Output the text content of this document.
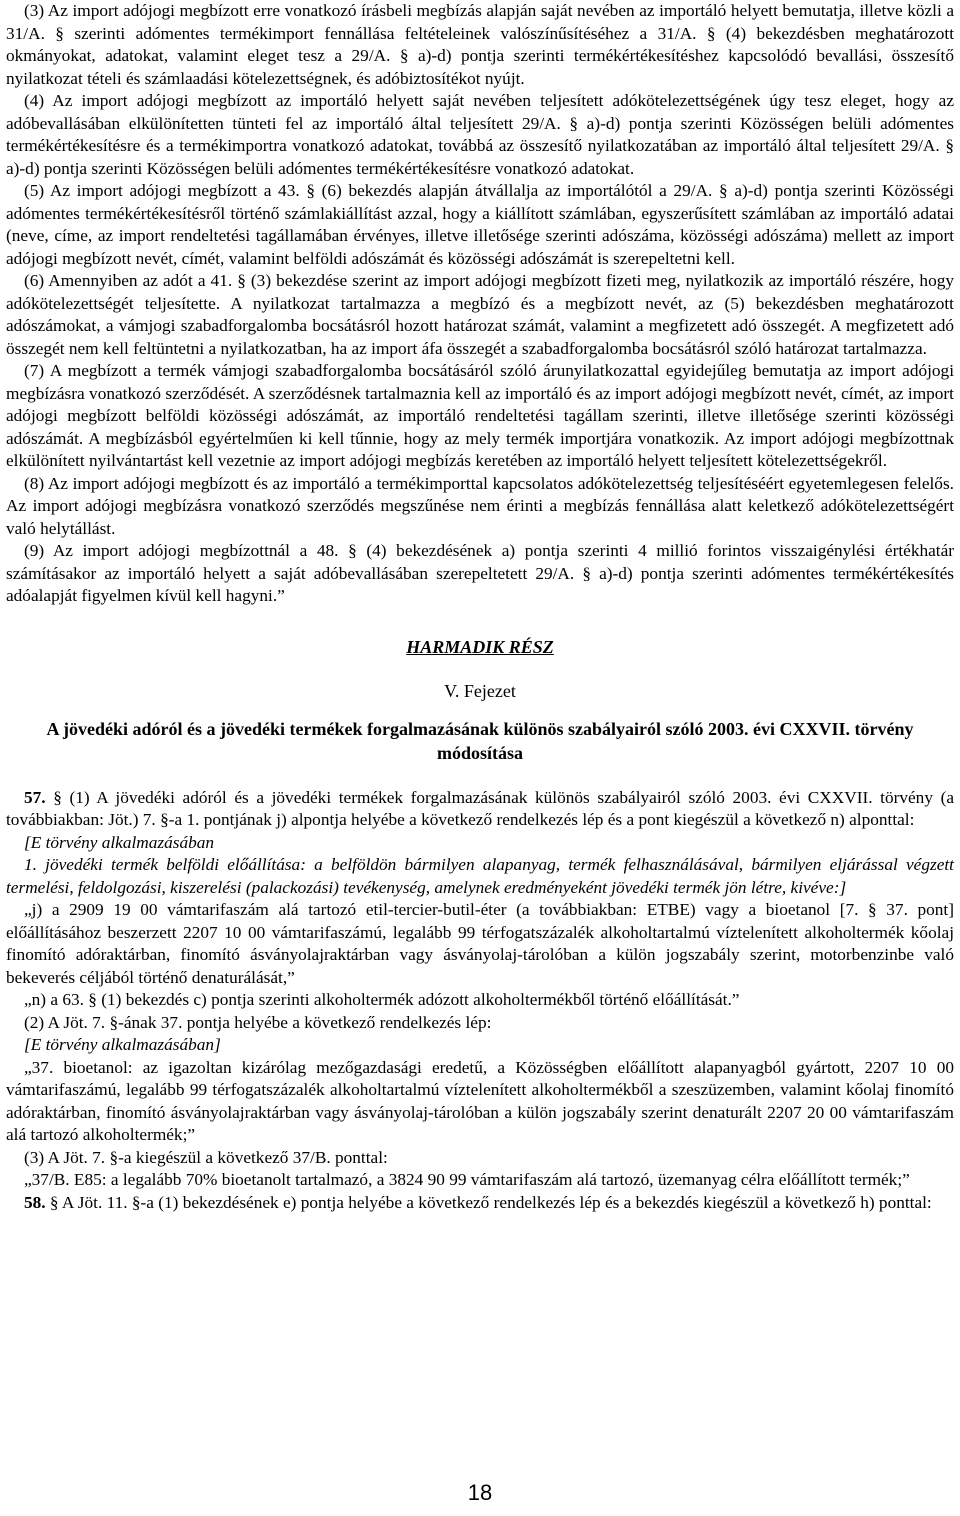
(3) Az import adójogi megbízott erre vonatkozó írásbeli megbízás alapján saját nevében az importáló helyett bemutatja, illetve közli a 31/A. § szerinti adómentes termékimport fennállása feltételeinek valószínűsítéséhez a 31/A. § (4) bekezdésben meghatározott okmányokat, adatokat, valamint eleget tesz a 29/A. § a)-d) pontja szerinti termékértékesítéshez kapcsolódó bevallási, összesítő nyilatkozat tételi és számlaadási kötelezettségnek, és adóbiztosítékot nyújt.

(4) Az import adójogi megbízott az importáló helyett saját nevében teljesített adókötelezettségének úgy tesz eleget, hogy az adóbevallásában elkülönítetten tünteti fel az importáló által teljesített 29/A. § a)-d) pontja szerinti Közösségen belüli adómentes termékértékesítésre és a termékimportra vonatkozó adatokat, továbbá az összesítő nyilatkozatában az importáló által teljesített 29/A. § a)-d) pontja szerinti Közösségen belüli adómentes termékértékesítésre vonatkozó adatokat.

(5) Az import adójogi megbízott a 43. § (6) bekezdés alapján átvállalja az importálótól a 29/A. § a)-d) pontja szerinti Közösségi adómentes termékértékesítésről történő számlakiállítást azzal, hogy a kiállított számlában, egyszerűsített számlában az importáló adatai (neve, címe, az import rendeltetési tagállamában érvényes, illetve illetősége szerinti adószáma, közösségi adószáma) mellett az import adójogi megbízott nevét, címét, valamint belföldi adószámát és közösségi adószámát is szerepeltetni kell.

(6) Amennyiben az adót a 41. § (3) bekezdése szerint az import adójogi megbízott fizeti meg, nyilatkozik az importáló részére, hogy adókötelezettségét teljesítette. A nyilatkozat tartalmazza a megbízó és a megbízott nevét, az (5) bekezdésben meghatározott adószámokat, a vámjogi szabadforgalomba bocsátásról hozott határozat számát, valamint a megfizetett adó összegét. A megfizetett adó összegét nem kell feltüntetni a nyilatkozatban, ha az import áfa összegét a szabadforgalomba bocsátásról szóló határozat tartalmazza.

(7) A megbízott a termék vámjogi szabadforgalomba bocsátásáról szóló árunyilatkozattal egyidejűleg bemutatja az import adójogi megbízásra vonatkozó szerződését. A szerződésnek tartalmaznia kell az importáló és az import adójogi megbízott nevét, címét, az import adójogi megbízott belföldi közösségi adószámát, az importáló rendeltetési tagállam szerinti, illetve illetősége szerinti közösségi adószámát. A megbízásból egyértelműen ki kell tűnnie, hogy az mely termék importjára vonatkozik. Az import adójogi megbízottnak elkülönített nyilvántartást kell vezetnie az import adójogi megbízás keretében az importáló helyett teljesített kötelezettségekről.

(8) Az import adójogi megbízott és az importáló a termékimporttal kapcsolatos adókötelezettség teljesítéséért egyetemlegesen felelős. Az import adójogi megbízásra vonatkozó szerződés megszűnése nem érinti a megbízás fennállása alatt keletkező adókötelezettségért való helytállást.

(9) Az import adójogi megbízottnál a 48. § (4) bekezdésének a) pontja szerinti 4 millió forintos visszaigénylési értékhatár számításakor az importáló helyett a saját adóbevallásában szerepeltetett 29/A. § a)-d) pontja szerinti adómentes termékértékesítés adóalapját figyelmen kívül kell hagyni.”

HARMADIK RÉSZ
V. Fejezet
A jövedéki adóról és a jövedéki termékek forgalmazásának különös szabályairól szóló 2003. évi CXXVII. törvény módosítása

57. § (1) A jövedéki adóról és a jövedéki termékek forgalmazásának különös szabályairól szóló 2003. évi CXXVII. törvény (a továbbiakban: Jöt.) 7. §-a 1. pontjának j) alpontja helyébe a következő rendelkezés lép és a pont kiegészül a következő n) alponttal:

[E törvény alkalmazásában

1. jövedéki termék belföldi előállítása: a belföldön bármilyen alapanyag, termék felhasználásával, bármilyen eljárással végzett termelési, feldolgozási, kiszerelési (palackozási) tevékenység, amelynek eredményeként jövedéki termék jön létre, kivéve:]

„j) a 2909 19 00 vámtarifaszám alá tartozó etil-tercier-butil-éter (a továbbiakban: ETBE) vagy a bioetanol [7. § 37. pont] előállításához beszerzett 2207 10 00 vámtarifaszámú, legalább 99 térfogatszázalék alkoholtartalmú víztelenített alkoholtermék kőolaj finomító adóraktárban, finomító ásványolajraktárban vagy ásványolaj-tárolóban a külön jogszabály szerint, motorbenzinbe való bekeverés céljából történő denaturálását,”

„n) a 63. § (1) bekezdés c) pontja szerinti alkoholtermék adózott alkoholtermékből történő előállítását.”

(2) A Jöt. 7. §-ának 37. pontja helyébe a következő rendelkezés lép:

[E törvény alkalmazásában]

„37. bioetanol: az igazoltan kizárólag mezőgazdasági eredetű, a Közösségben előállított alapanyagból gyártott, 2207 10 00 vámtarifaszámú, legalább 99 térfogatszázalék alkoholtartalmú víztelenített alkoholtermékből a szeszüzemben, valamint kőolaj finomító adóraktárban, finomító ásványolajraktárban vagy ásványolaj-tárolóban a külön jogszabály szerint denaturált 2207 20 00 vámtarifaszám alá tartozó alkoholtermék;”

(3) A Jöt. 7. §-a kiegészül a következő 37/B. ponttal:

„37/B. E85: a legalább 70% bioetanolt tartalmazó, a 3824 90 99 vámtarifaszám alá tartozó, üzemanyag célra előállított termék;”

58. § A Jöt. 11. §-a (1) bekezdésének e) pontja helyébe a következő rendelkezés lép és a bekezdés kiegészül a következő h) ponttal:

18
